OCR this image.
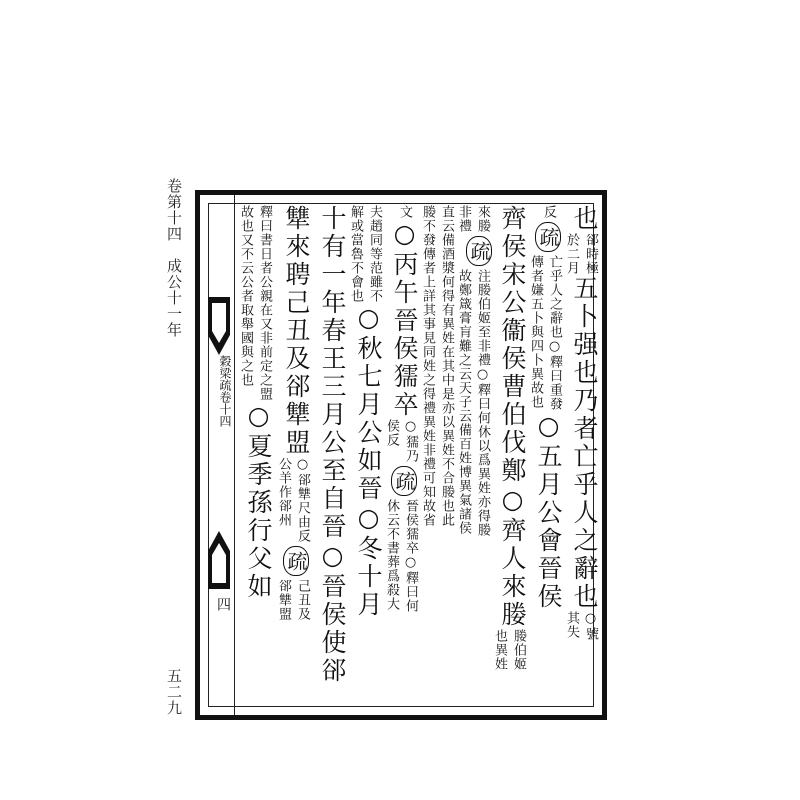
卷第十四　成公十一年
五二九
穀梁疏卷十四
四
也郤時極
於二月五卜强也乃者亡乎人之辭也○號
其失
反疏亡乎人之辭也○釋曰重發
傳者嫌五卜與四卜異故也○五月公會晉侯
齊侯宋公衞侯曹伯伐鄭○齊人來媵媵伯姬
也異姓
來媵
非禮疏注媵伯姬至非禮○釋曰何休以爲異姓亦得媵
故鄭箴膏肓難之云天子云備百姓博異氣諸侯
直云備酒漿何得有異姓在其中是亦以異姓不合媵也此
媵不發傳者上詳其事見同姓之得禮異姓非禮可知故省
文○丙午晉侯獳卒○獳乃
侯反疏晉侯獳卒○釋曰何
休云不書葬爲殺大
夫趙同等范雖不
解或當魯不會也○秋七月公如晉○冬十月
十有一年春王三月公至自晉○晉侯使郤
犨來聘己丑及郤犨盟○郤犨尺由反
公羊作郤州疏己丑及
郤犨盟
釋曰書日者公親在又非前定之盟
故也又不云公者取舉國與之也○夏季孫行父如
